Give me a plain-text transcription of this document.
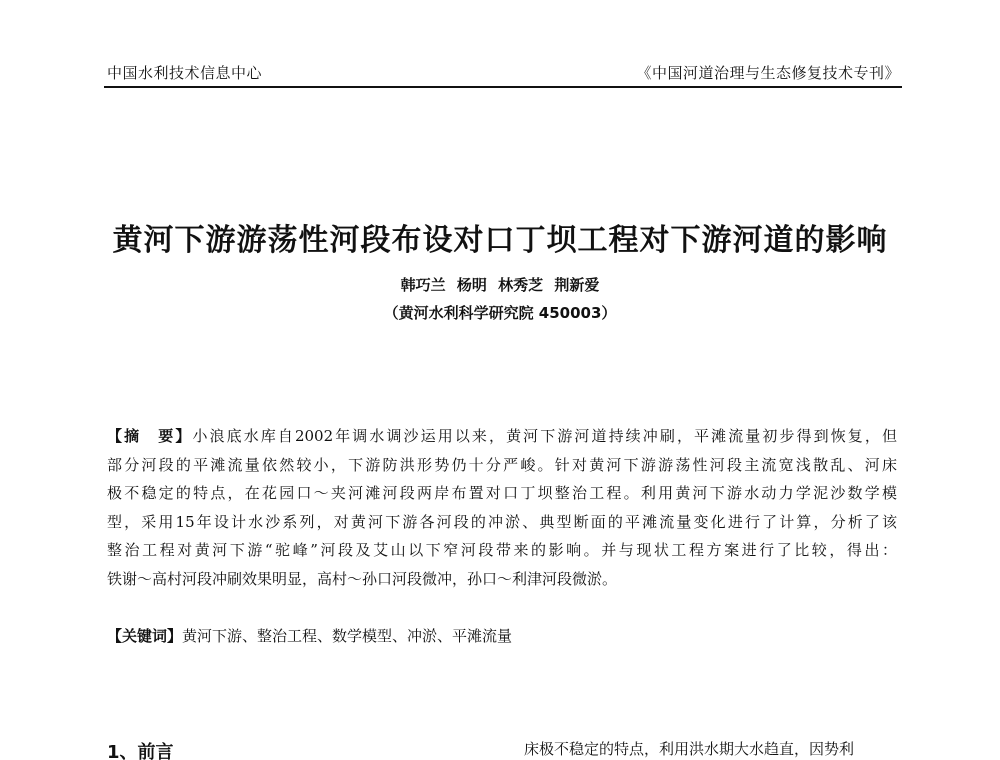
中国水利技术信息中心	《中国河道治理与生态修复技术专刊》
黄河下游游荡性河段布设对口丁坝工程对下游河道的影响
韩巧兰 杨明 林秀芝 荆新爱
（黄河水利科学研究院 450003）
【摘　要】小浪底水库自2002年调水调沙运用以来，黄河下游河道持续冲刷，平滩流量初步得到恢复，但
部分河段的平滩流量依然较小，下游防洪形势仍十分严峻。针对黄河下游游荡性河段主流宽浅散乱、河床
极不稳定的特点，在花园口～夹河滩河段两岸布置对口丁坝整治工程。利用黄河下游水动力学泥沙数学模
型，采用15年设计水沙系列，对黄河下游各河段的冲淤、典型断面的平滩流量变化进行了计算，分析了该
整治工程对黄河下游“驼峰”河段及艾山以下窄河段带来的影响。并与现状工程方案进行了比较，得出：
铁谢～高村河段冲刷效果明显，高村～孙口河段微冲，孙口～利津河段微淤。
【关键词】黄河下游、整治工程、数学模型、冲淤、平滩流量
1、前言	床极不稳定的特点，利用洪水期大水趋直，因势利
